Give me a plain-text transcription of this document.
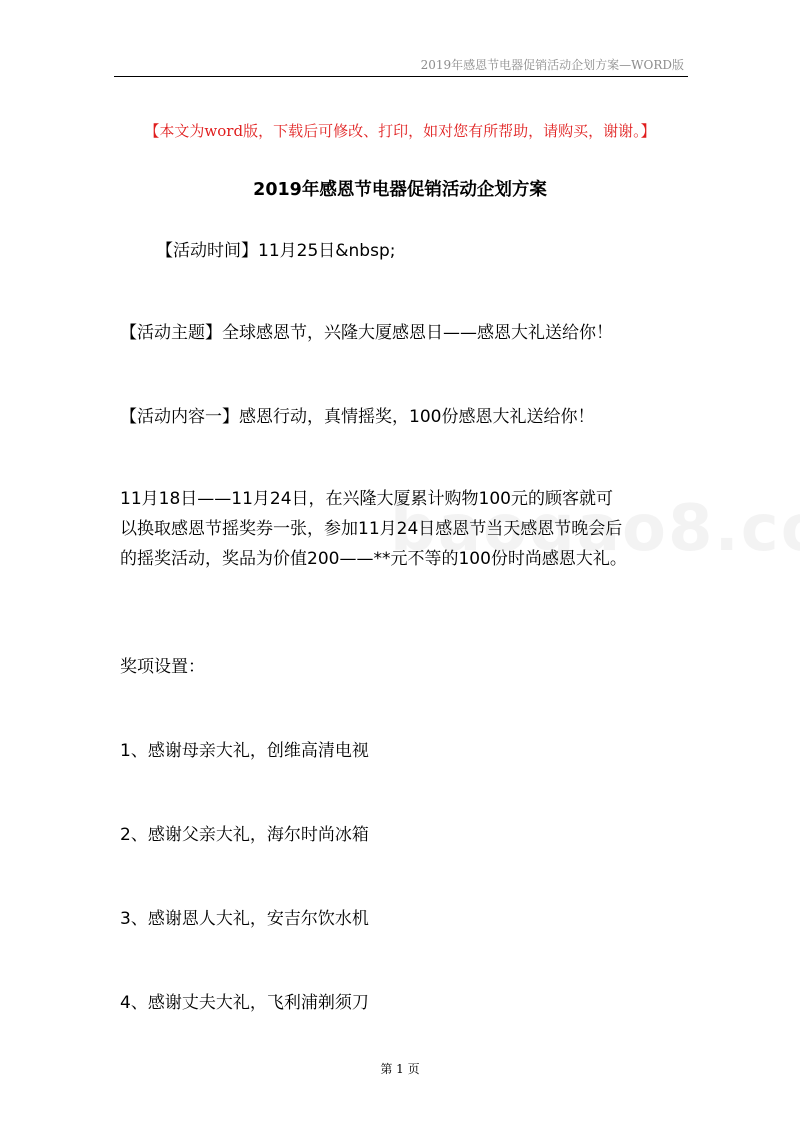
2019年感恩节电器促销活动企划方案—WORD版
【本文为word版，下载后可修改、打印，如对您有所帮助，请购买，谢谢。】
2019年感恩节电器促销活动企划方案
【活动时间】11月25日&nbsp;
【活动主题】全球感恩节，兴隆大厦感恩日——感恩大礼送给你！
【活动内容一】感恩行动，真情摇奖，100份感恩大礼送给你！
11月18日——11月24日，在兴隆大厦累计购物100元的顾客就可
以换取感恩节摇奖券一张，参加11月24日感恩节当天感恩节晚会后
的摇奖活动，奖品为价值200——**元不等的100份时尚感恩大礼。
奖项设置：
1、感谢母亲大礼，创维高清电视
2、感谢父亲大礼，海尔时尚冰箱
3、感谢恩人大礼，安吉尔饮水机
4、感谢丈夫大礼，飞利浦剃须刀
第 1 页
